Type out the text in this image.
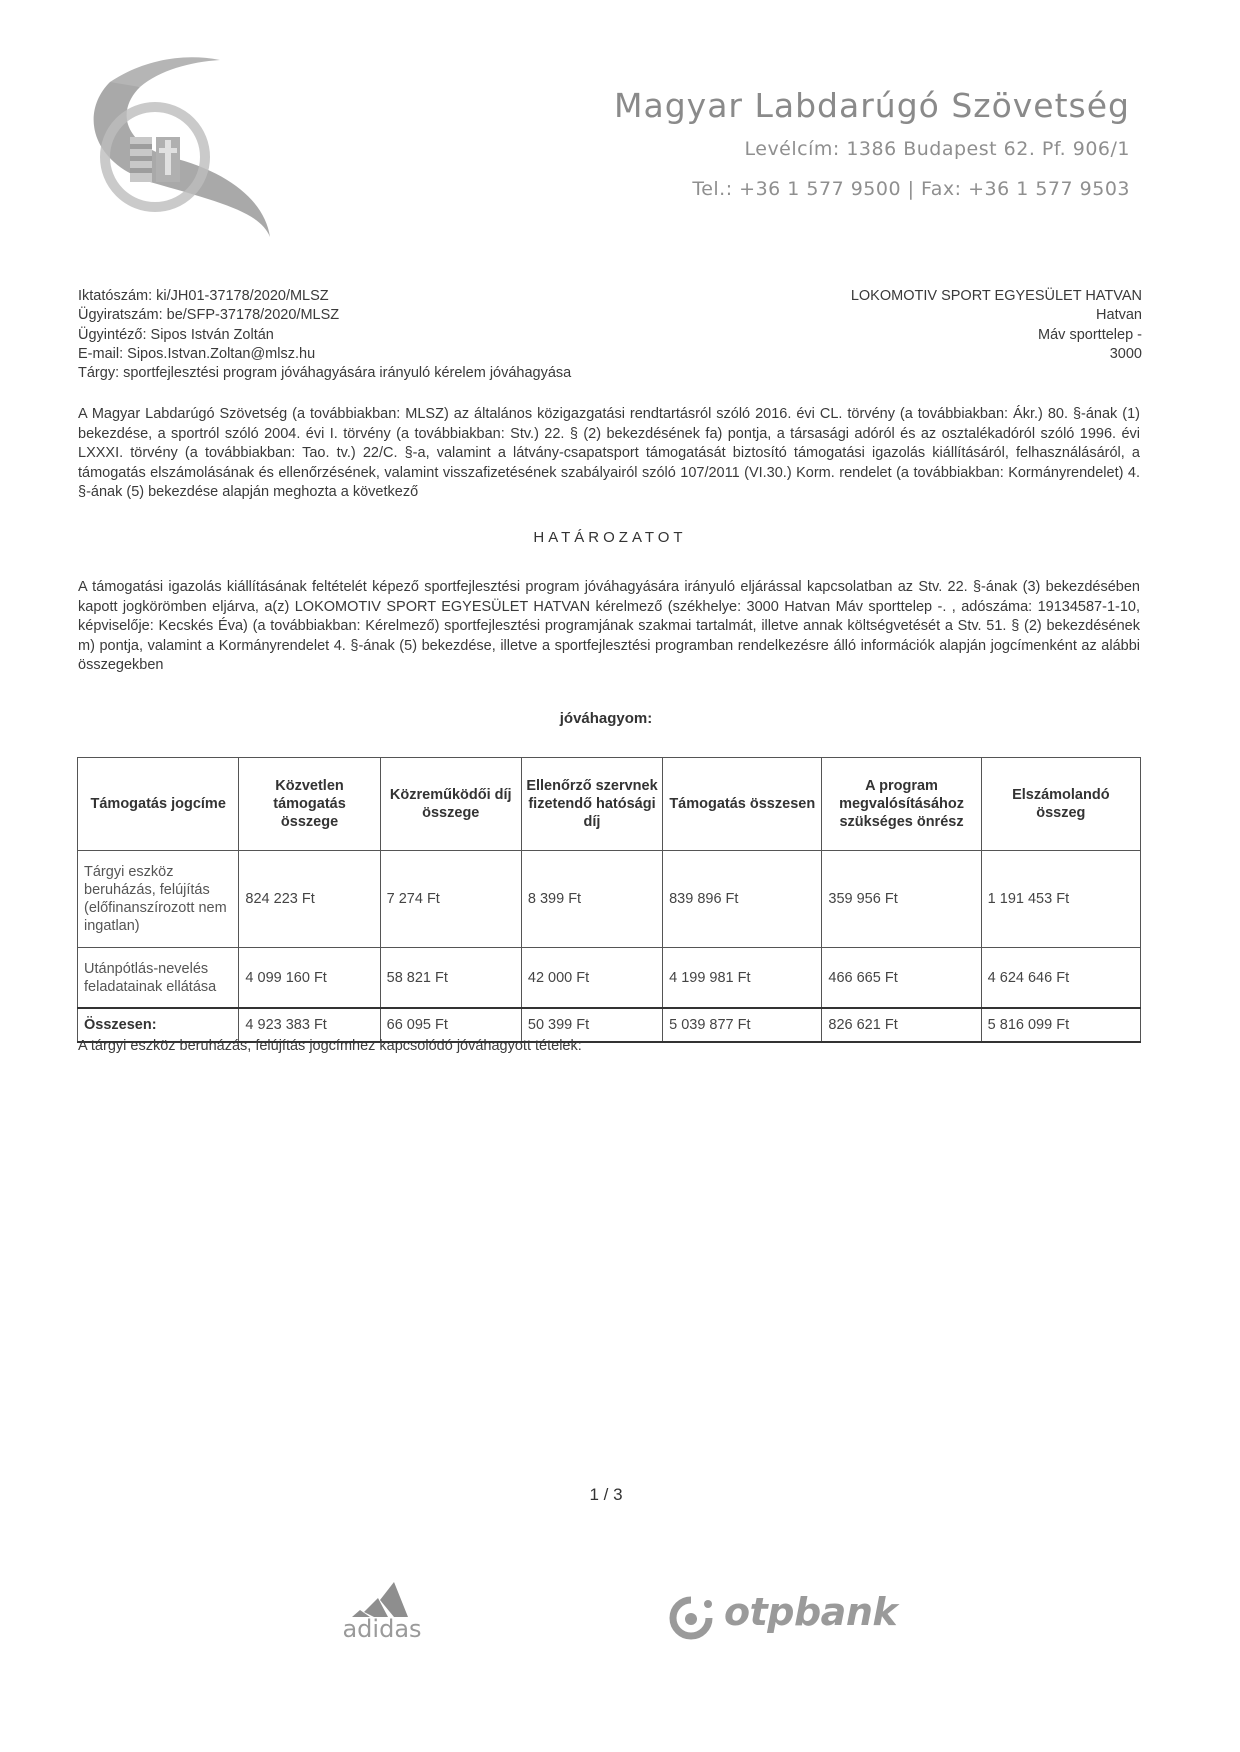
Magyar Labdarúgó Szövetség
Levélcím: 1386 Budapest 62. Pf. 906/1
Tel.: +36 1 577 9500 | Fax: +36 1 577 9503
Iktatószám: ki/JH01-37178/2020/MLSZ
Ügyiratszám: be/SFP-37178/2020/MLSZ
Ügyintéző: Sipos István Zoltán
E-mail: Sipos.Istvan.Zoltan@mlsz.hu
Tárgy: sportfejlesztési program jóváhagyására irányuló kérelem jóváhagyása
LOKOMOTIV SPORT EGYESÜLET HATVAN
Hatvan
Máv sporttelep -
3000
A Magyar Labdarúgó Szövetség (a továbbiakban: MLSZ) az általános közigazgatási rendtartásról szóló 2016. évi CL. törvény (a továbbiakban: Ákr.) 80. §-ának (1) bekezdése, a sportról szóló 2004. évi I. törvény (a továbbiakban: Stv.) 22. § (2) bekezdésének fa) pontja, a társasági adóról és az osztalékadóról szóló 1996. évi LXXXI. törvény (a továbbiakban: Tao. tv.) 22/C. §-a, valamint a látvány-csapatsport támogatását biztosító támogatási igazolás kiállításáról, felhasználásáról, a támogatás elszámolásának és ellenőrzésének, valamint visszafizetésének szabályairól szóló 107/2011 (VI.30.) Korm. rendelet (a továbbiakban: Kormányrendelet) 4. §-ának (5) bekezdése alapján meghozta a következő
HATÁROZATOT
A támogatási igazolás kiállításának feltételét képező sportfejlesztési program jóváhagyására irányuló eljárással kapcsolatban az Stv. 22. §-ának (3) bekezdésében kapott jogkörömben eljárva, a(z) LOKOMOTIV SPORT EGYESÜLET HATVAN kérelmező (székhelye: 3000 Hatvan Máv sporttelep -. , adószáma: 19134587-1-10, képviselője: Kecskés Éva) (a továbbiakban: Kérelmező) sportfejlesztési programjának szakmai tartalmát, illetve annak költségvetését a Stv. 51. § (2) bekezdésének m) pontja, valamint a Kormányrendelet 4. §-ának (5) bekezdése, illetve a sportfejlesztési programban rendelkezésre álló információk alapján jogcímenként az alábbi összegekben
jóváhagyom:
Támogatás jogcíme	Közvetlen támogatás összege	Közreműködői díj összege	Ellenőrző szervnek fizetendő hatósági díj	Támogatás összesen	A program megvalósításához szükséges önrész	Elszámolandó összeg
Tárgyi eszköz beruházás, felújítás (előfinanszírozott nem ingatlan)	824 223 Ft	7 274 Ft	8 399 Ft	839 896 Ft	359 956 Ft	1 191 453 Ft
Utánpótlás-nevelés feladatainak ellátása	4 099 160 Ft	58 821 Ft	42 000 Ft	4 199 981 Ft	466 665 Ft	4 624 646 Ft
Összesen:	4 923 383 Ft	66 095 Ft	50 399 Ft	5 039 877 Ft	826 621 Ft	5 816 099 Ft
A tárgyi eszköz beruházás, felújítás jogcímhez kapcsolódó jóváhagyott tételek:
1 / 3
adidas	otpbank
